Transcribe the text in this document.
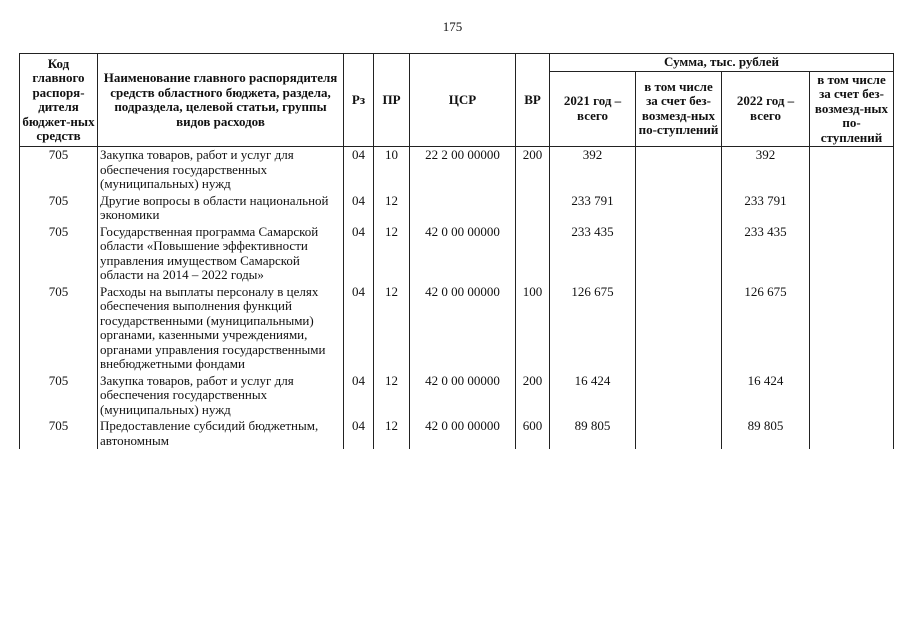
175
Код главного распоря-дителя бюджет-ных средств	Наименование главного распорядителя средств областного бюджета, раздела, подраздела, целевой статьи, группы видов расходов	Рз	ПР	ЦСР	ВР	Сумма, тыс. рублей			
						2021 год – всего	в том числе за счет без-возмезд-ных по-ступлений	2022 год – всего	в том числе за счет без-возмезд-ных по-ступлений
705	Закупка товаров, работ и услуг для обеспечения государственных (муниципальных) нужд	04	10	22 2 00 00000	200	392		392	
705	Другие вопросы в области национальной экономики	04	12			233 791		233 791	
705	Государственная программа Самарской области «Повышение эффективности управления имуществом Самарской области на 2014 – 2022 годы»	04	12	42 0 00 00000		233 435		233 435	
705	Расходы на выплаты персоналу в целях обеспечения выполнения функций государственными (муниципальными) органами, казенными учреждениями, органами управления государственными внебюджетными фондами	04	12	42 0 00 00000	100	126 675		126 675	
705	Закупка товаров, работ и услуг для обеспечения государственных (муниципальных) нужд	04	12	42 0 00 00000	200	16 424		16 424	
705	Предоставление субсидий бюджетным, автономным	04	12	42 0 00 00000	600	89 805		89 805	
